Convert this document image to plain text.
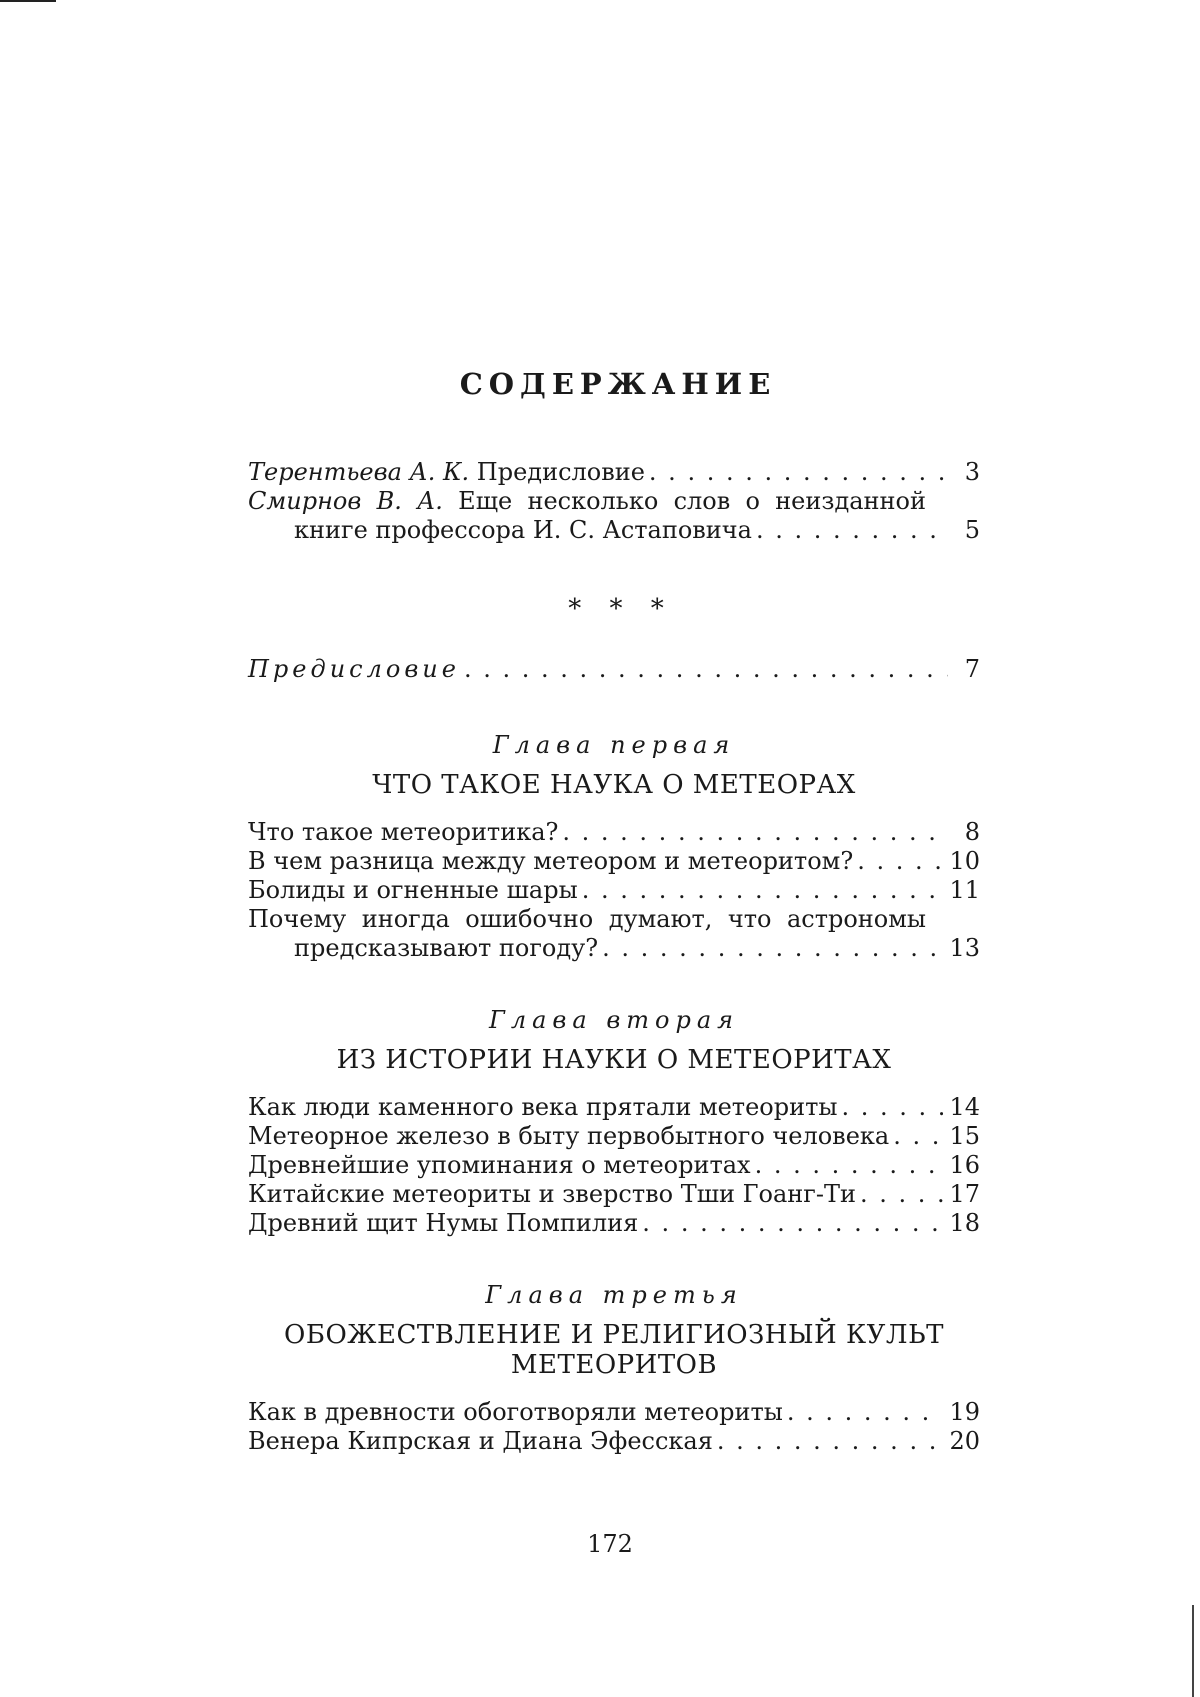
СОДЕРЖАНИЕ
Терентьева А. К. Предисловие . . .	3
Смирнов В. А. Еще несколько слов о неизданной
книге профессора И. С. Астаповича . . .	5
* * *
Предисловие . . .	7
Глава первая
ЧТО ТАКОЕ НАУКА О МЕТЕОРАХ
Что такое метеоритика? . . .	8
В чем разница между метеором и метеоритом? . . .	10
Болиды и огненные шары . . .	11
Почему иногда ошибочно думают, что астрономы
предсказывают погоду? . . .	13
Глава вторая
ИЗ ИСТОРИИ НАУКИ О МЕТЕОРИТАХ
Как люди каменного века прятали метеориты . . .	14
Метеорное железо в быту первобытного человека . . .	15
Древнейшие упоминания о метеоритах . . .	16
Китайские метеориты и зверство Тши Гоанг-Ти . . .	17
Древний щит Нумы Помпилия . . .	18
Глава третья
ОБОЖЕСТВЛЕНИЕ И РЕЛИГИОЗНЫЙ КУЛЬТ
МЕТЕОРИТОВ
Как в древности обоготворяли метеориты . . .	19
Венера Кипрская и Диана Эфесская . . .	20
172
